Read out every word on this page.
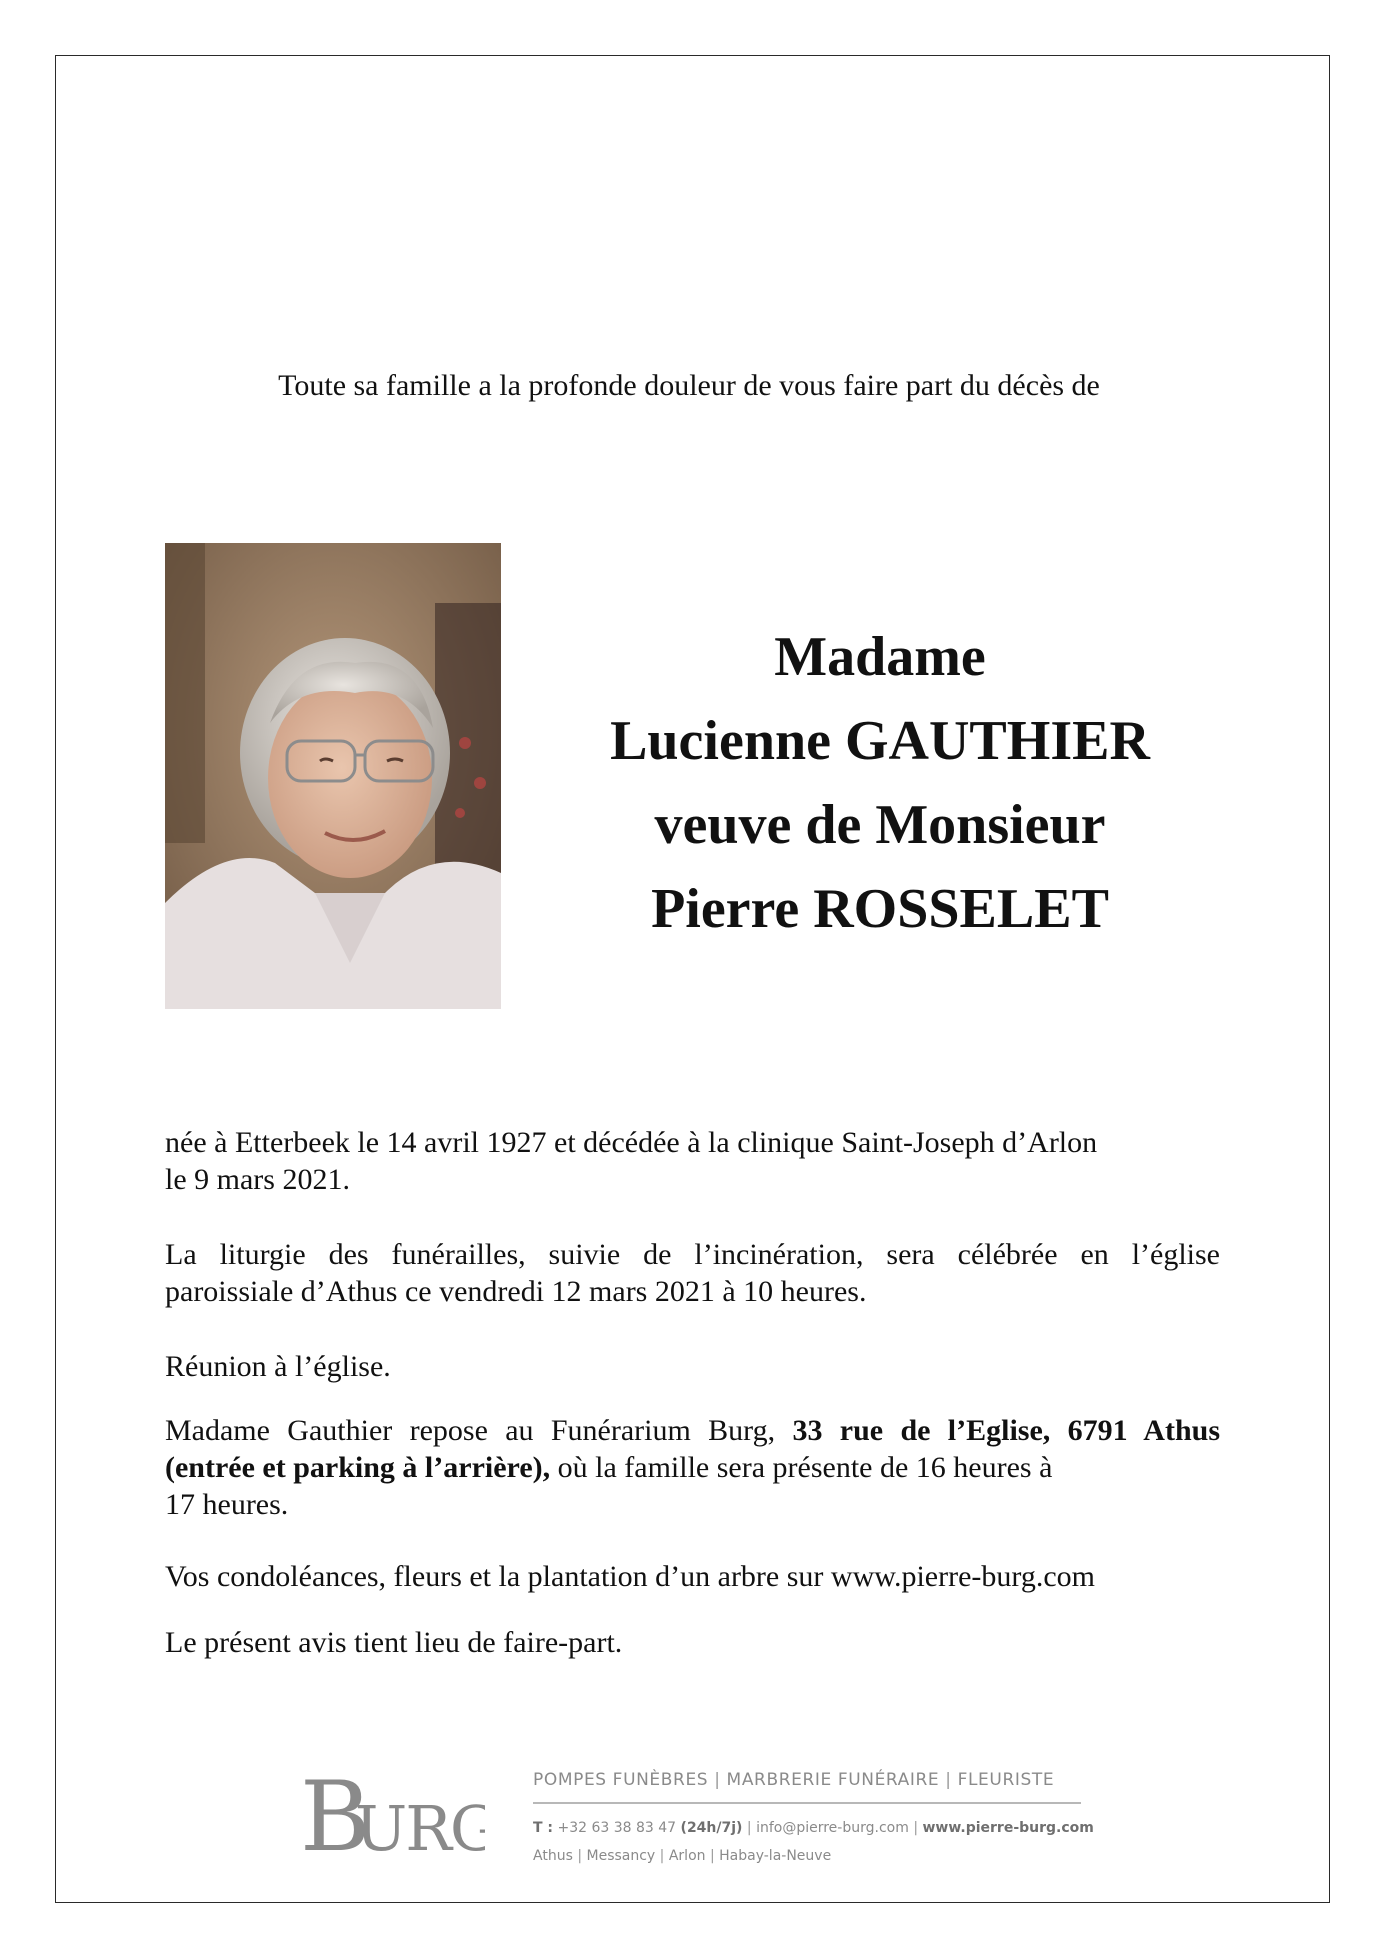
Toute sa famille a la profonde douleur de vous faire part du décès de
Madame
Lucienne GAUTHIER
veuve de Monsieur
Pierre ROSSELET
née à Etterbeek le 14 avril 1927 et décédée à la clinique Saint-Joseph d’Arlon
le 9 mars 2021.
La liturgie des funérailles, suivie de l’incinération, sera célébrée en l’église
paroissiale d’Athus ce vendredi 12 mars 2021 à 10 heures.
Réunion à l’église.
Madame Gauthier repose au Funérarium Burg, 33 rue de l’Eglise, 6791 Athus
(entrée et parking à l’arrière), où la famille sera présente de 16 heures à
17 heures.
Vos condoléances, fleurs et la plantation d’un arbre sur www.pierre-burg.com
Le présent avis tient lieu de faire-part.
B
URG
POMPES FUNÈBRES | MARBRERIE FUNÉRAIRE | FLEURISTE
T : +32 63 38 83 47 (24h/7j) | info@pierre-burg.com | www.pierre-burg.com
Athus | Messancy | Arlon | Habay-la-Neuve
